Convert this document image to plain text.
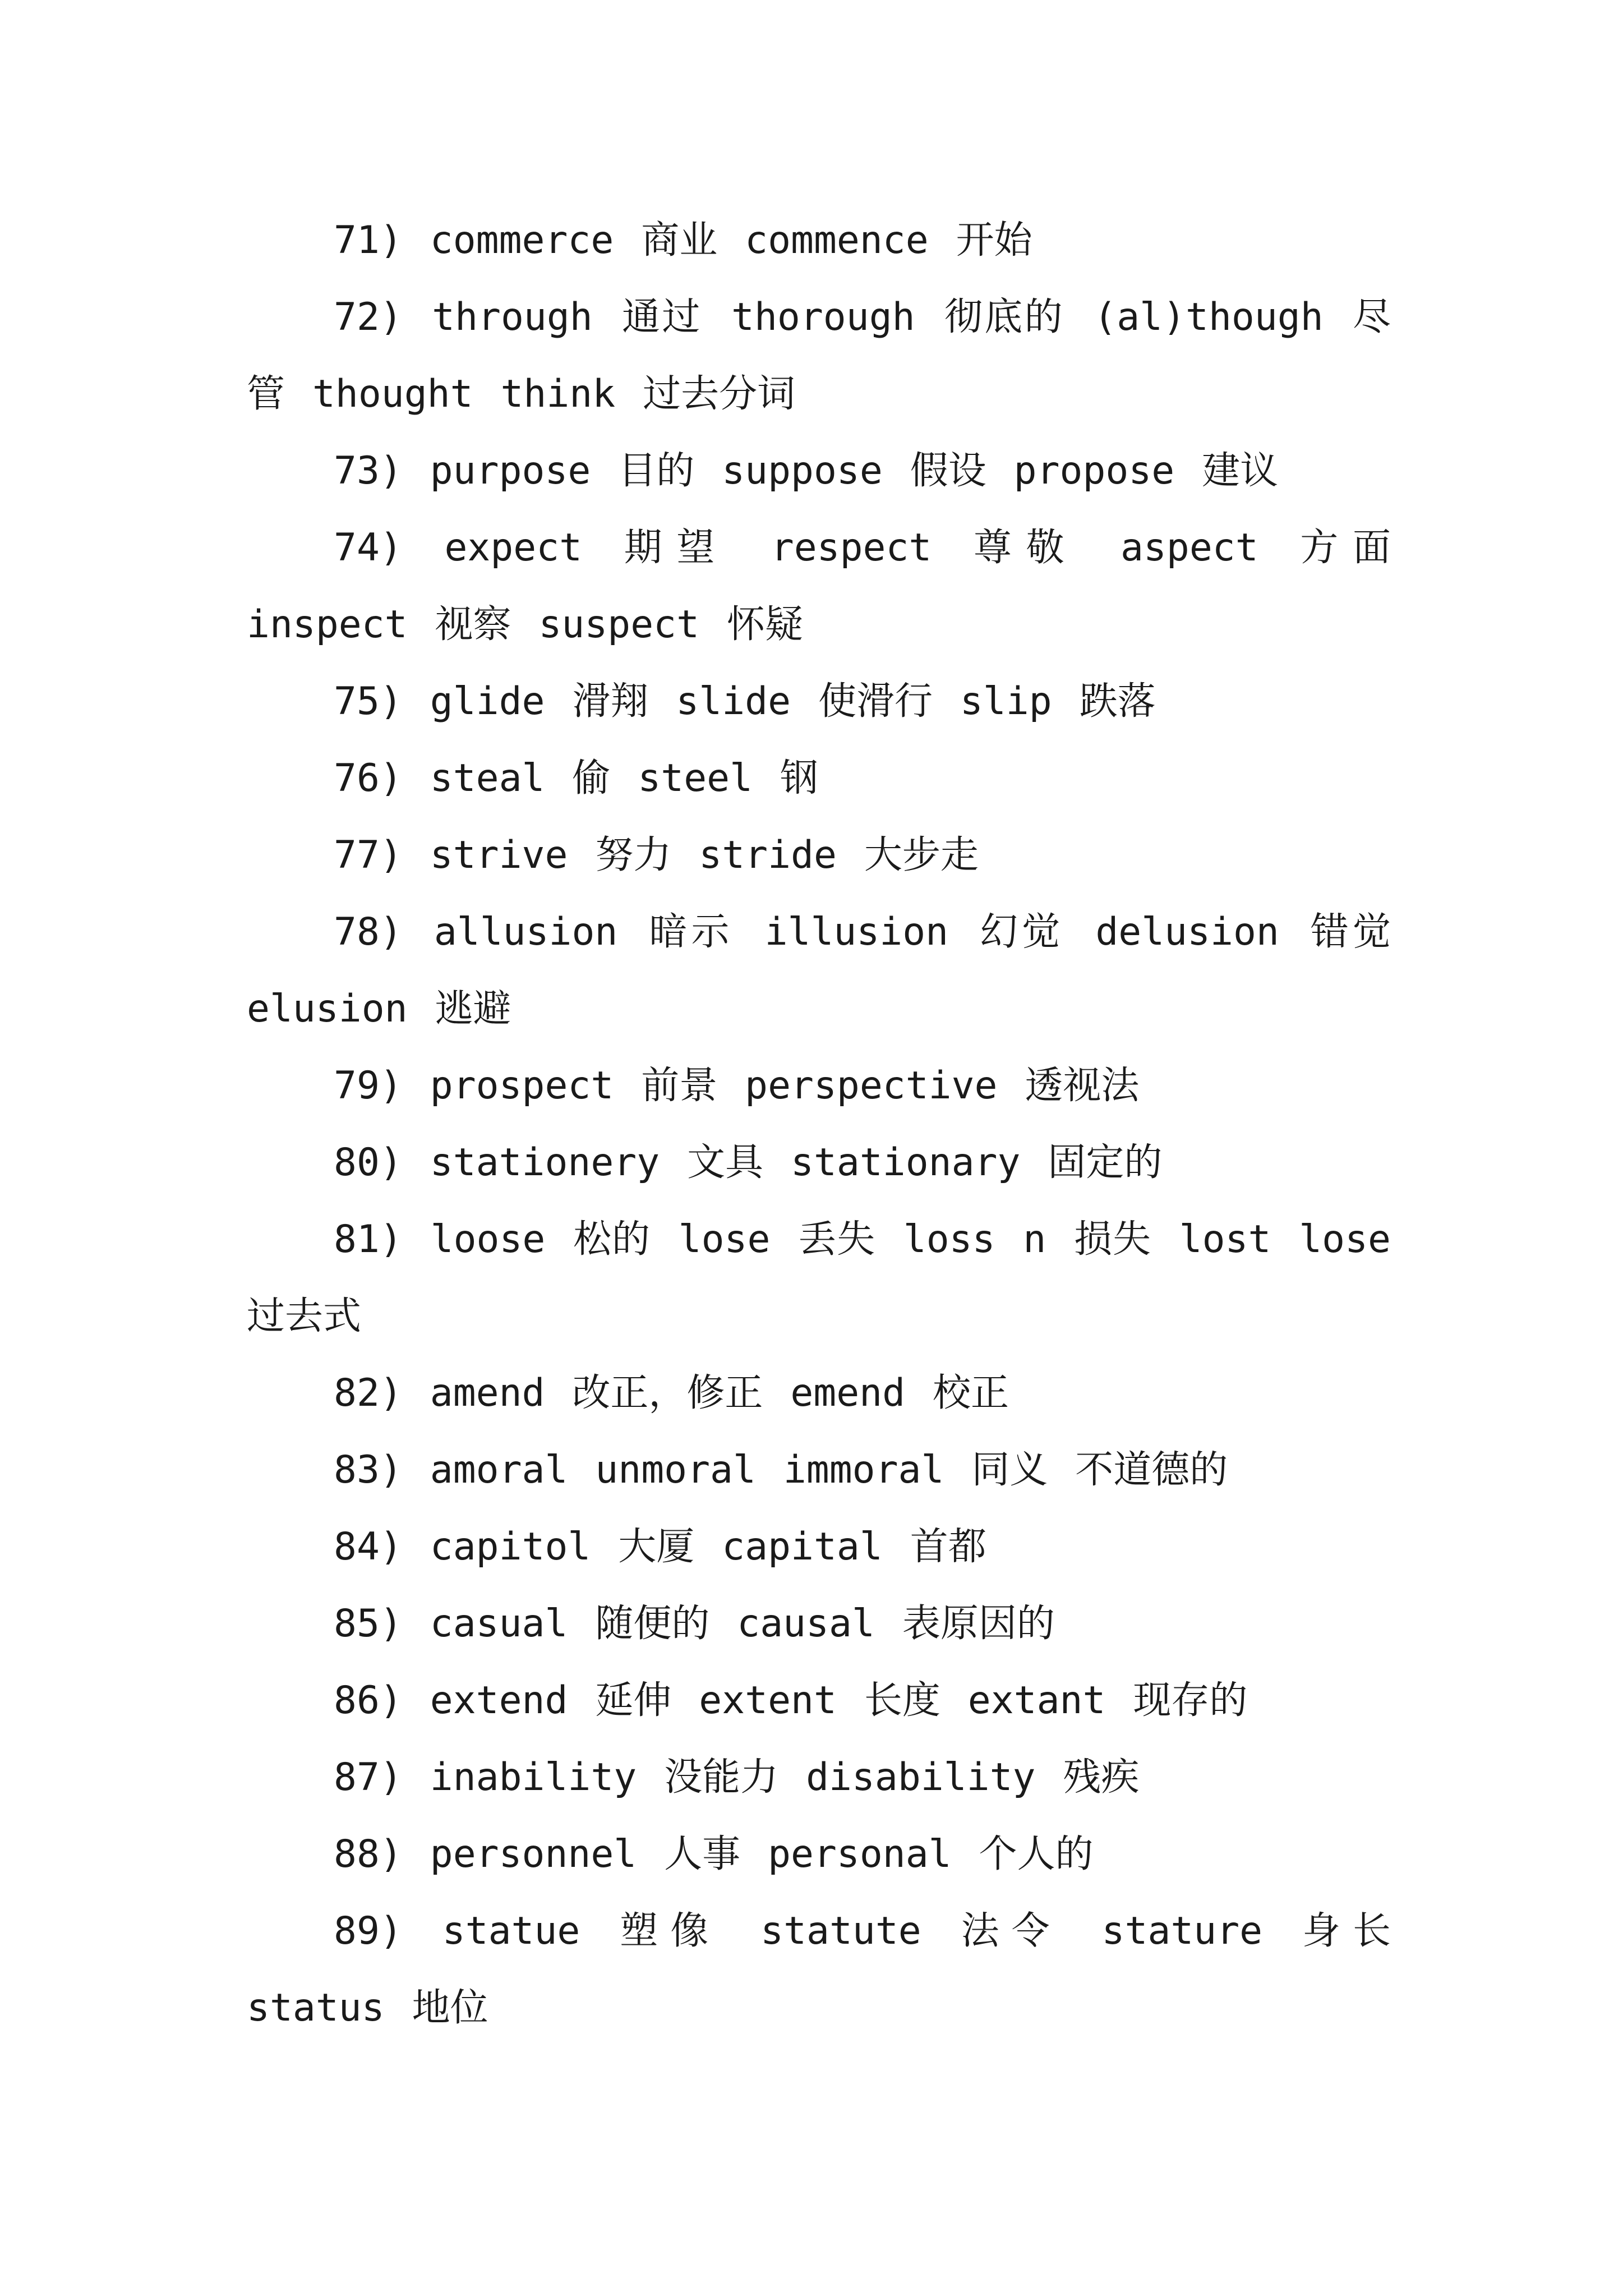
71) commerce 商业 commence 开始

72) through 通过 thorough 彻底的 (al)though 尽管 thought think 过去分词

73) purpose 目的 suppose 假设 propose 建议

74) expect 期望 respect 尊敬 aspect 方面 inspect 视察 suspect 怀疑

75) glide 滑翔 slide 使滑行 slip 跌落

76) steal 偷 steel 钢

77) strive 努力 stride 大步走

78) allusion 暗示 illusion 幻觉 delusion 错觉 elusion 逃避

79) prospect 前景 perspective 透视法

80) stationery 文具 stationary 固定的

81) loose 松的 lose 丢失 loss n 损失 lost lose 过去式

82) amend 改正，修正 emend 校正

83) amoral unmoral immoral 同义 不道德的

84) capitol 大厦 capital 首都

85) casual 随便的 causal 表原因的

86) extend 延伸 extent 长度 extant 现存的

87) inability 没能力 disability 残疾

88) personnel 人事 personal 个人的

89) statue 塑像 statute 法令 stature 身长 status 地位
